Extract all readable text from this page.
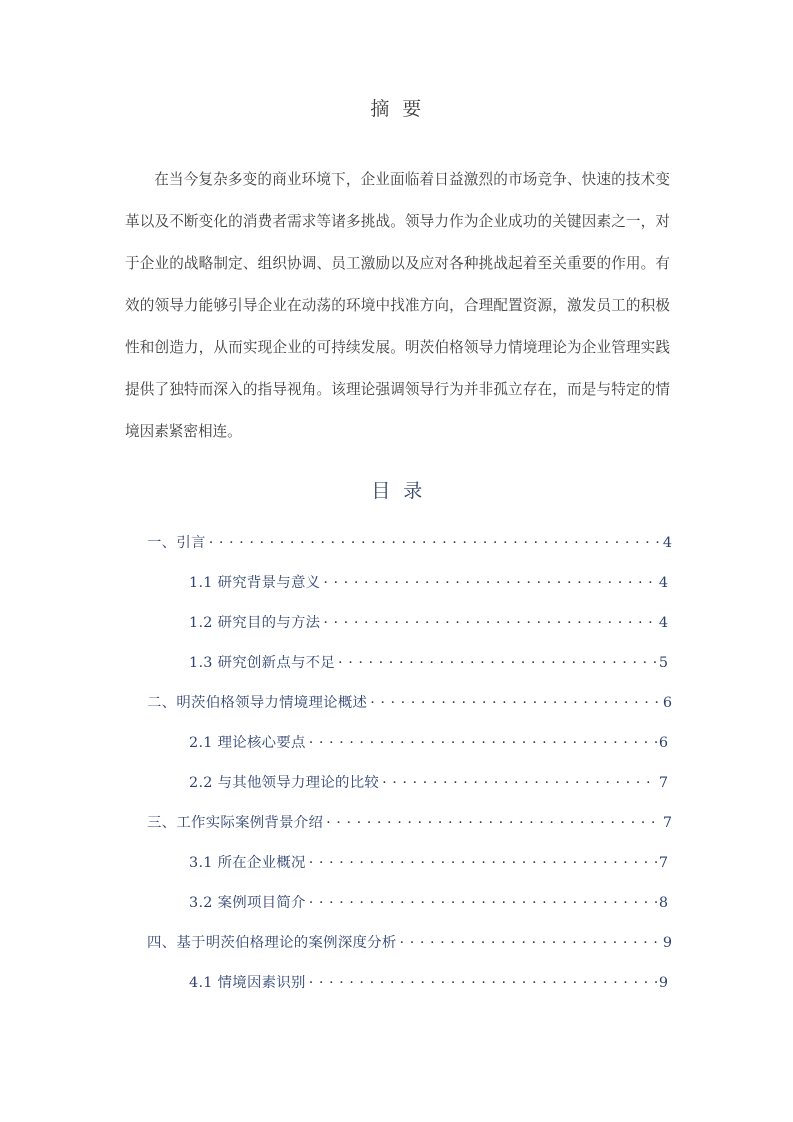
摘 要

在当今复杂多变的商业环境下，企业面临着日益激烈的市场竞争、快速的技术变革以及不断变化的消费者需求等诸多挑战。领导力作为企业成功的关键因素之一，对于企业的战略制定、组织协调、员工激励以及应对各种挑战起着至关重要的作用。有效的领导力能够引导企业在动荡的环境中找准方向，合理配置资源，激发员工的积极性和创造力，从而实现企业的可持续发展。明茨伯格领导力情境理论为企业管理实践提供了独特而深入的指导视角。该理论强调领导行为并非孤立存在，而是与特定的情境因素紧密相连。

目 录
一、引言 . . .	4
1.1 研究背景与意义 . . .	4
1.2 研究目的与方法 . . .	4
1.3 研究创新点与不足 . . .	5
二、明茨伯格领导力情境理论概述 . . .	6
2.1 理论核心要点 . . .	6
2.2 与其他领导力理论的比较 . . .	7
三、工作实际案例背景介绍 . . .	7
3.1 所在企业概况 . . .	7
3.2 案例项目简介 . . .	8
四、基于明茨伯格理论的案例深度分析 . . .	9
4.1 情境因素识别 . . .	9
